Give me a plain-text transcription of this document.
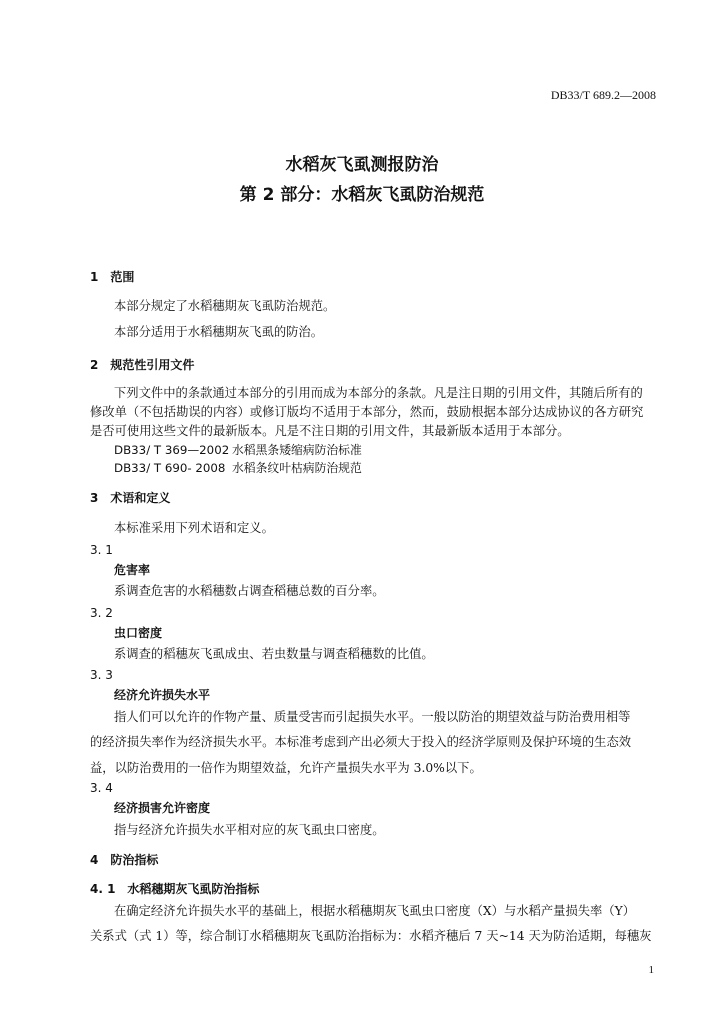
DB33/T 689.2—2008
水稻灰飞虱测报防治
第 2 部分：水稻灰飞虱防治规范
1　范围
本部分规定了水稻穗期灰飞虱防治规范。
本部分适用于水稻穗期灰飞虱的防治。
2　规范性引用文件
下列文件中的条款通过本部分的引用而成为本部分的条款。凡是注日期的引用文件，其随后所有的
修改单（不包括勘误的内容）或修订版均不适用于本部分，然而，鼓励根据本部分达成协议的各方研究
是否可使用这些文件的最新版本。凡是不注日期的引用文件，其最新版本适用于本部分。
DB33/ T 369—2002 水稻黑条矮缩病防治标准
DB33/ T 690- 2008 水稻条纹叶枯病防治规范
3　术语和定义
本标准采用下列术语和定义。
3. 1
危害率
系调查危害的水稻穗数占调查稻穗总数的百分率。
3. 2
虫口密度
系调查的稻穗灰飞虱成虫、若虫数量与调查稻穗数的比值。
3. 3
经济允许损失水平
指人们可以允许的作物产量、质量受害而引起损失水平。一般以防治的期望效益与防治费用相等
的经济损失率作为经济损失水平。本标准考虑到产出必须大于投入的经济学原则及保护环境的生态效
益，以防治费用的一倍作为期望效益，允许产量损失水平为 3.0%以下。
3. 4
经济损害允许密度
指与经济允许损失水平相对应的灰飞虱虫口密度。
4　防治指标
4. 1　水稻穗期灰飞虱防治指标
在确定经济允许损失水平的基础上，根据水稻穗期灰飞虱虫口密度（X）与水稻产量损失率（Y）
关系式（式 1）等，综合制订水稻穗期灰飞虱防治指标为：水稻齐穗后 7 天~14 天为防治适期，每穗灰
1
